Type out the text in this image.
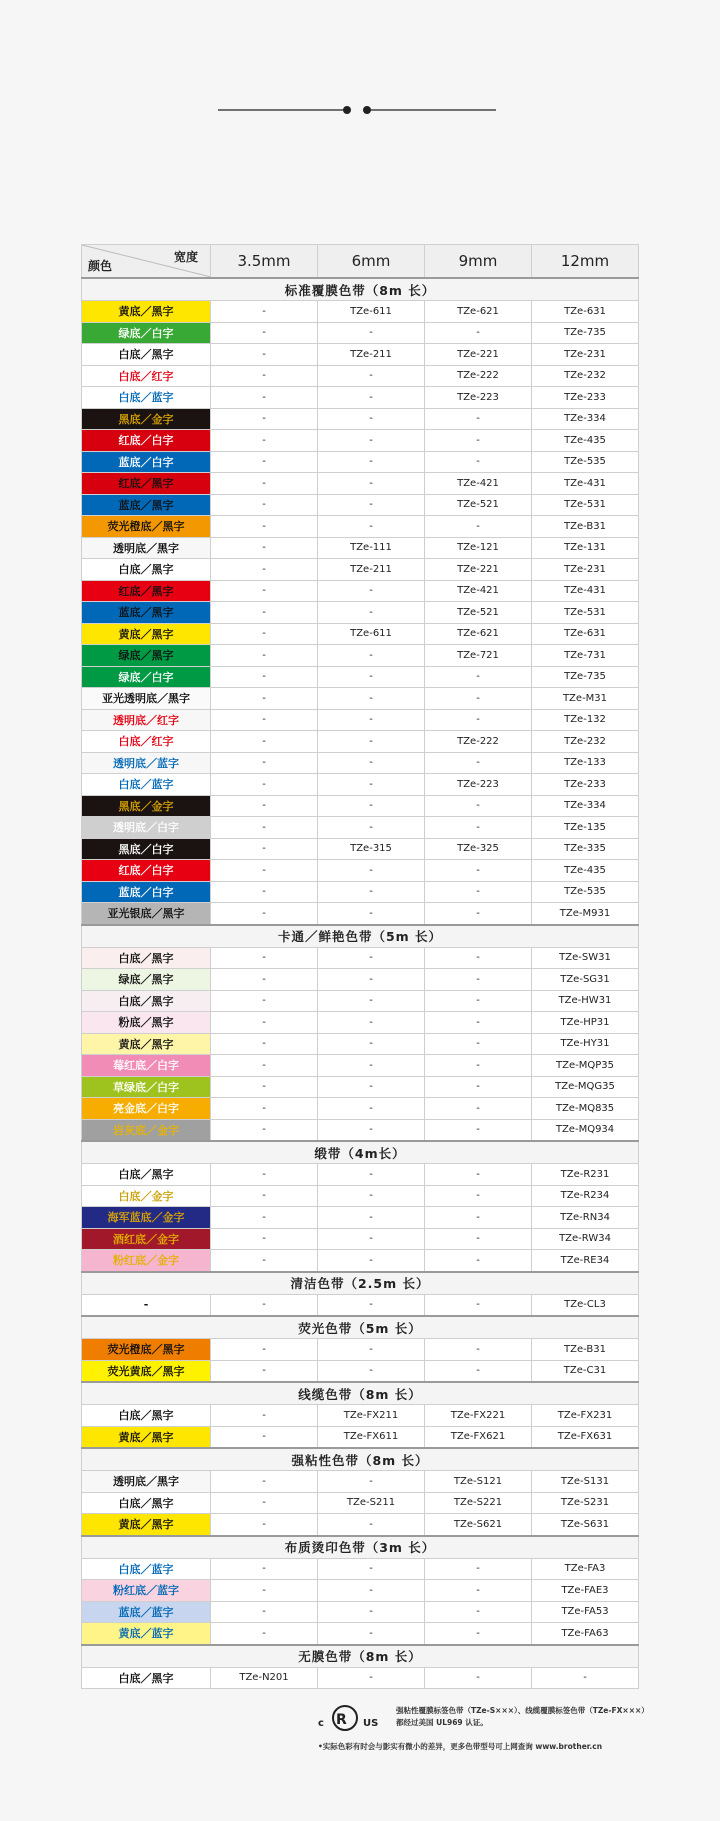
宽度
颜色	3.5mm	6mm	9mm	12mm
标准覆膜色带（8m 长）				
黄底／黑字	-	TZe-611	TZe-621	TZe-631
绿底／白字	-	-	-	TZe-735
白底／黑字	-	TZe-211	TZe-221	TZe-231
白底／红字	-	-	TZe-222	TZe-232
白底／蓝字	-	-	TZe-223	TZe-233
黑底／金字	-	-	-	TZe-334
红底／白字	-	-	-	TZe-435
蓝底／白字	-	-	-	TZe-535
红底／黑字	-	-	TZe-421	TZe-431
蓝底／黑字	-	-	TZe-521	TZe-531
荧光橙底／黑字	-	-	-	TZe-B31
透明底／黑字	-	TZe-111	TZe-121	TZe-131
白底／黑字	-	TZe-211	TZe-221	TZe-231
红底／黑字	-	-	TZe-421	TZe-431
蓝底／黑字	-	-	TZe-521	TZe-531
黄底／黑字	-	TZe-611	TZe-621	TZe-631
绿底／黑字	-	-	TZe-721	TZe-731
绿底／白字	-	-	-	TZe-735
亚光透明底／黑字	-	-	-	TZe-M31
透明底／红字	-	-	-	TZe-132
白底／红字	-	-	TZe-222	TZe-232
透明底／蓝字	-	-	-	TZe-133
白底／蓝字	-	-	TZe-223	TZe-233
黑底／金字	-	-	-	TZe-334
透明底／白字	-	-	-	TZe-135
黑底／白字	-	TZe-315	TZe-325	TZe-335
红底／白字	-	-	-	TZe-435
蓝底／白字	-	-	-	TZe-535
亚光银底／黑字	-	-	-	TZe-M931
卡通／鲜艳色带（5m 长）				
白底／黑字	-	-	-	TZe-SW31
绿底／黑字	-	-	-	TZe-SG31
白底／黑字	-	-	-	TZe-HW31
粉底／黑字	-	-	-	TZe-HP31
黄底／黑字	-	-	-	TZe-HY31
莓红底／白字	-	-	-	TZe-MQP35
草绿底／白字	-	-	-	TZe-MQG35
亮金底／白字	-	-	-	TZe-MQ835
岩灰底／金字	-	-	-	TZe-MQ934
缎带（4m长）				
白底／黑字	-	-	-	TZe-R231
白底／金字	-	-	-	TZe-R234
海军蓝底／金字	-	-	-	TZe-RN34
酒红底／金字	-	-	-	TZe-RW34
粉红底／金字	-	-	-	TZe-RE34
清洁色带（2.5m 长）				
-	-	-	-	TZe-CL3
荧光色带（5m 长）				
荧光橙底／黑字	-	-	-	TZe-B31
荧光黄底／黑字	-	-	-	TZe-C31
线缆色带（8m 长）				
白底／黑字	-	TZe-FX211	TZe-FX221	TZe-FX231
黄底／黑字	-	TZe-FX611	TZe-FX621	TZe-FX631
强粘性色带（8m 长）				
透明底／黑字	-	-	TZe-S121	TZe-S131
白底／黑字	-	TZe-S211	TZe-S221	TZe-S231
黄底／黑字	-	-	TZe-S621	TZe-S631
布质烫印色带（3m 长）				
白底／蓝字	-	-	-	TZe-FA3
粉红底／蓝字	-	-	-	TZe-FAE3
蓝底／蓝字	-	-	-	TZe-FA53
黄底／蓝字	-	-	-	TZe-FA63
无膜色带（8m 长）				
白底／黑字	TZe-N201	-	-	-
c R US
强粘性覆膜标签色带（TZe-S×××）、线缆覆膜标签色带（TZe-FX×××）都经过美国 UL969 认证。
•实际色彩有时会与影实有微小的差异，更多色带型号可上网查询 www.brother.cn
